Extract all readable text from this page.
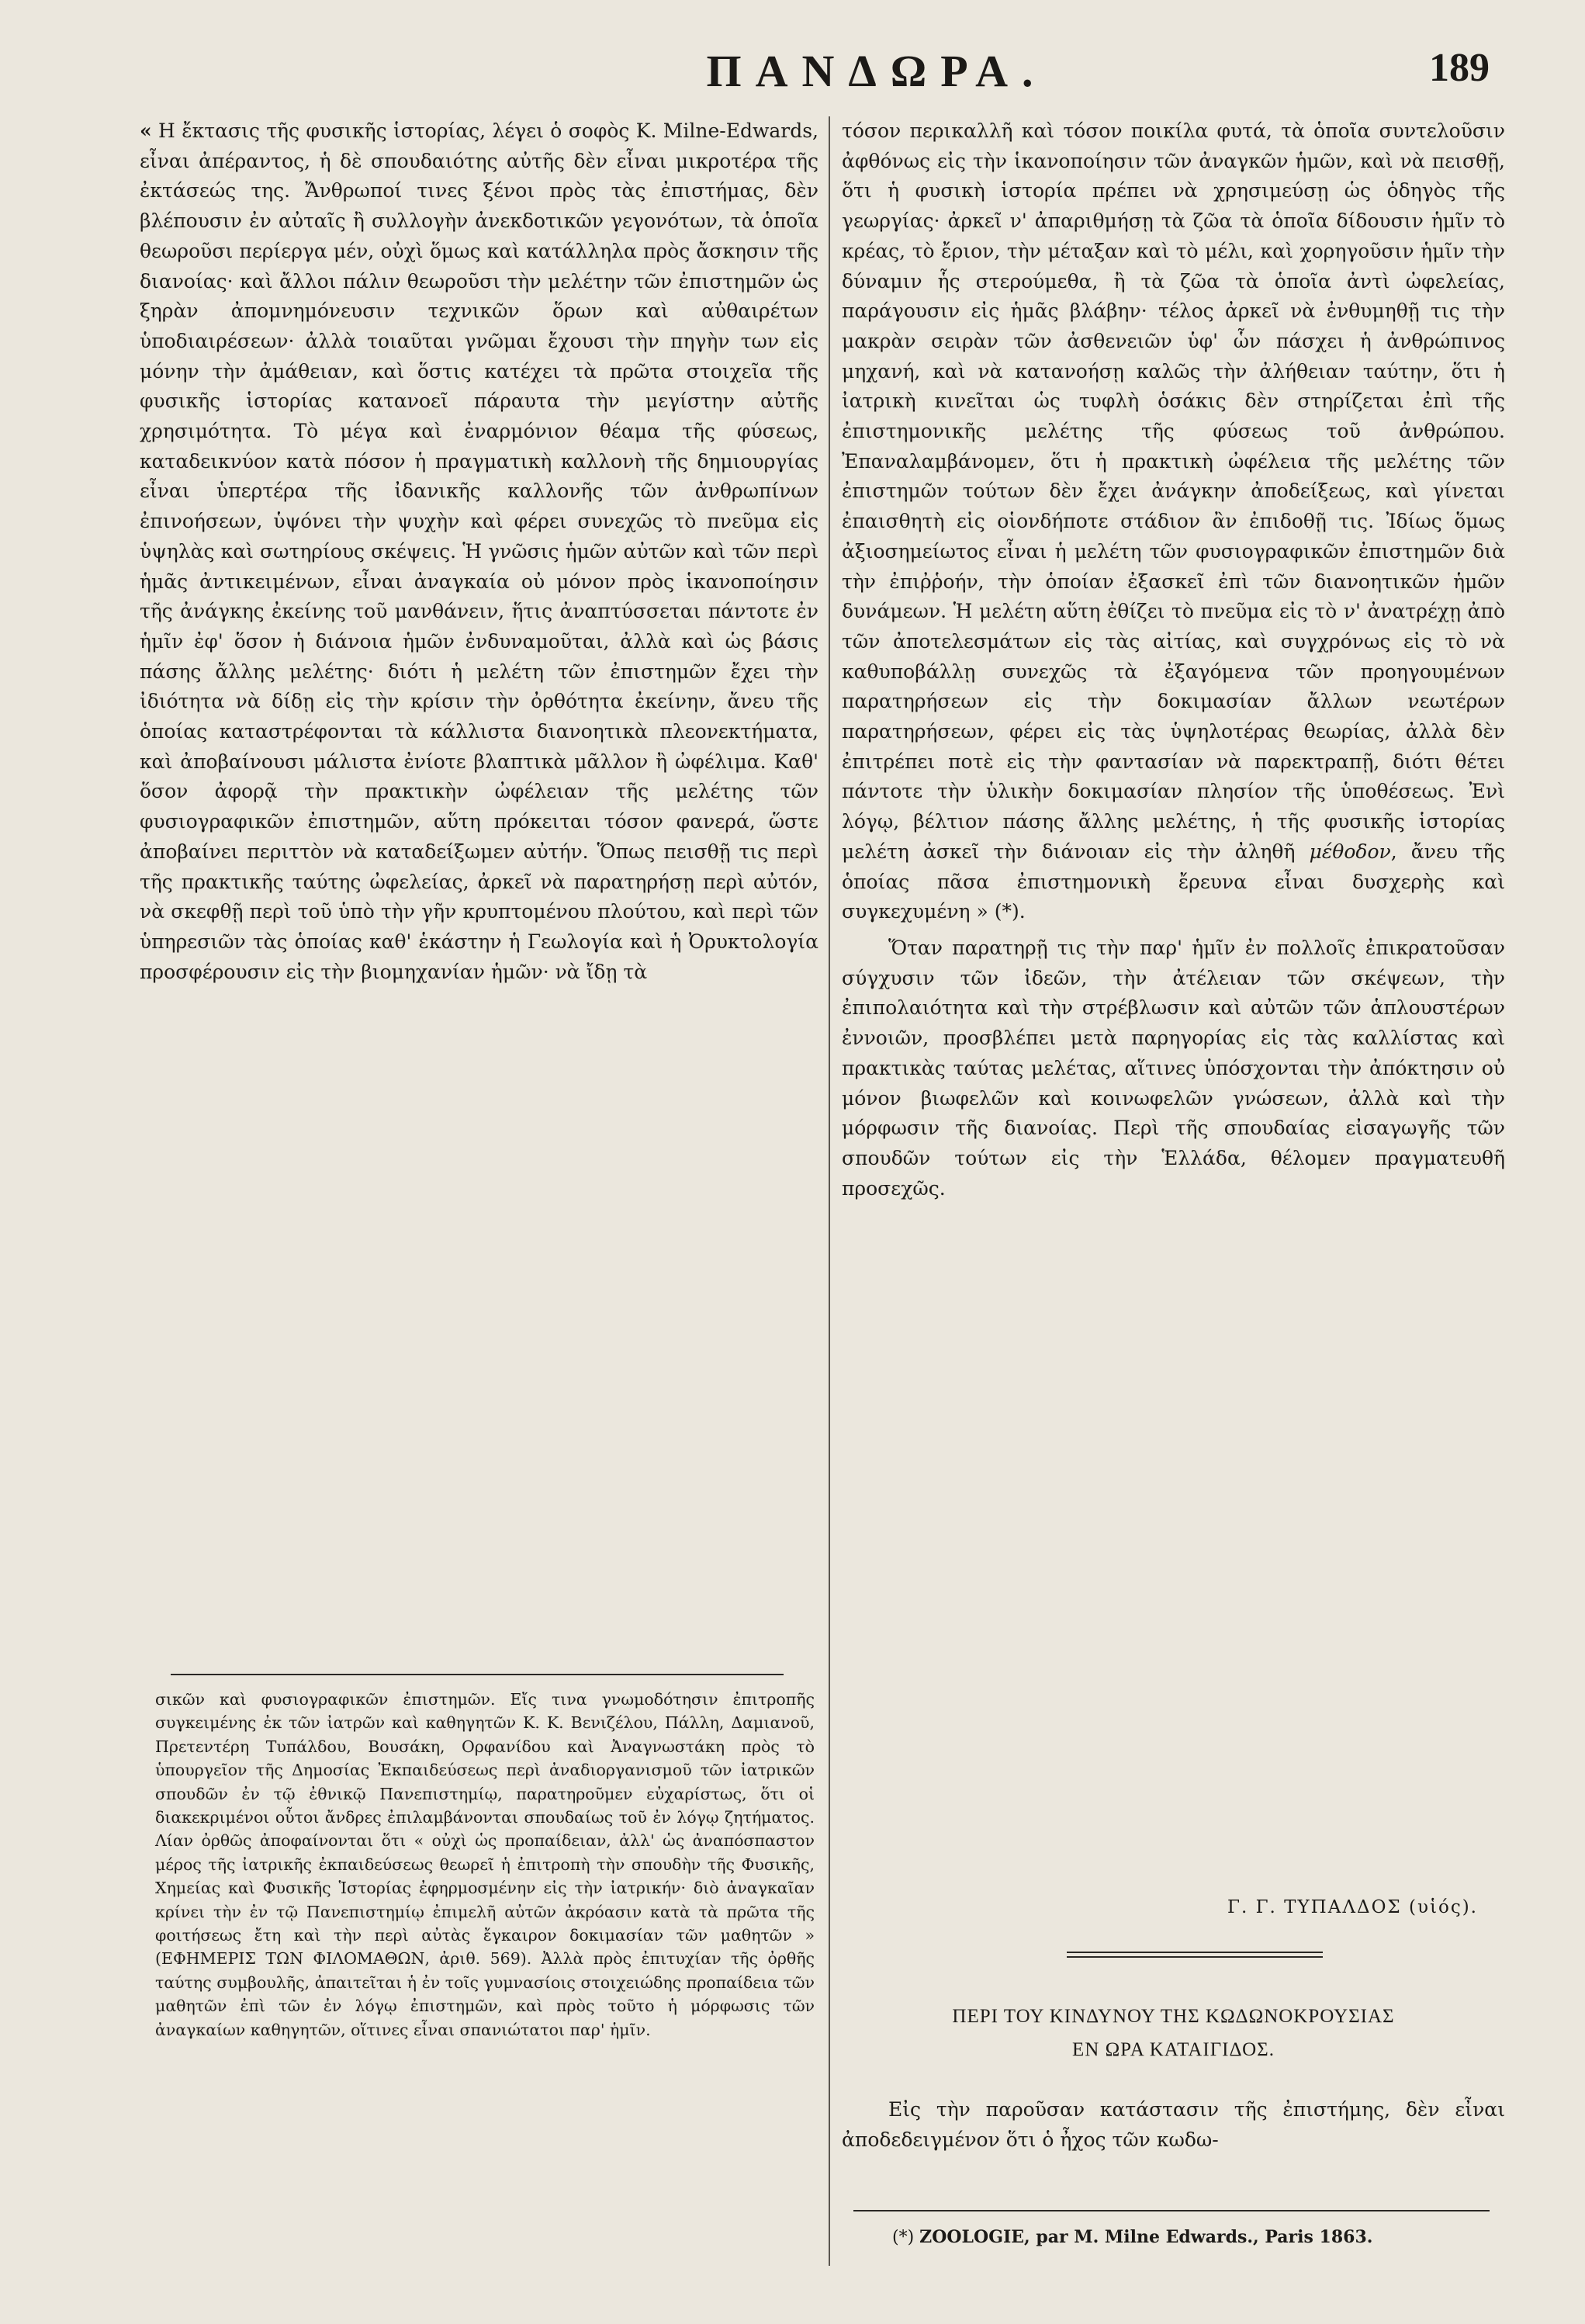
ΠΑΝΔΩΡΑ.	189

« Η ἔκτασις τῆς φυσικῆς ἱστορίας, λέγει ὁ σοφὸς Κ. Milne-Edwards, εἶναι ἀπέραντος, ἡ δὲ σπουδαιότης αὐτῆς δὲν εἶναι μικροτέρα τῆς ἐκτάσεώς της. Ἄνθρωποί τινες ξένοι πρὸς τὰς ἐπιστήμας, δὲν βλέπουσιν ἐν αὐταῖς ἢ συλλογὴν ἀνεκδοτικῶν γεγονότων, τὰ ὁποῖα θεωροῦσι περίεργα μέν, οὐχὶ ὅμως καὶ κατάλληλα πρὸς ἄσκησιν τῆς διανοίας· καὶ ἄλλοι πάλιν θεωροῦσι τὴν μελέτην τῶν ἐπιστημῶν ὡς ξηρὰν ἀπομνημόνευσιν τεχνικῶν ὅρων καὶ αὐθαιρέτων ὑποδιαιρέσεων· ἀλλὰ τοιαῦται γνῶμαι ἔχουσι τὴν πηγὴν των εἰς μόνην τὴν ἀμάθειαν, καὶ ὅστις κατέχει τὰ πρῶτα στοιχεῖα τῆς φυσικῆς ἱστορίας κατανοεῖ πάραυτα τὴν μεγίστην αὐτῆς χρησιμότητα. Τὸ μέγα καὶ ἐναρμόνιον θέαμα τῆς φύσεως, καταδεικνύον κατὰ πόσον ἡ πραγματικὴ καλλονὴ τῆς δημιουργίας εἶναι ὑπερτέρα τῆς ἰδανικῆς καλλονῆς τῶν ἀνθρωπίνων ἐπινοήσεων, ὑψόνει τὴν ψυχὴν καὶ φέρει συνεχῶς τὸ πνεῦμα εἰς ὑψηλὰς καὶ σωτηρίους σκέψεις. Ἡ γνῶσις ἡμῶν αὐτῶν καὶ τῶν περὶ ἡμᾶς ἀντικειμένων, εἶναι ἀναγκαία οὐ μόνον πρὸς ἱκανοποίησιν τῆς ἀνάγκης ἐκείνης τοῦ μανθάνειν, ἥτις ἀναπτύσσεται πάντοτε ἐν ἡμῖν ἐφ' ὅσον ἡ διάνοια ἡμῶν ἐνδυναμοῦται, ἀλλὰ καὶ ὡς βάσις πάσης ἄλλης μελέτης· διότι ἡ μελέτη τῶν ἐπιστημῶν ἔχει τὴν ἰδιότητα νὰ δίδῃ εἰς τὴν κρίσιν τὴν ὀρθότητα ἐκείνην, ἄνευ τῆς ὁποίας καταστρέφονται τὰ κάλλιστα διανοητικὰ πλεονεκτήματα, καὶ ἀποβαίνουσι μάλιστα ἐνίοτε βλαπτικὰ μᾶλλον ἢ ὠφέλιμα. Καθ' ὅσον ἀφορᾷ τὴν πρακτικὴν ὠφέλειαν τῆς μελέτης τῶν φυσιογραφικῶν ἐπιστημῶν, αὕτη πρόκειται τόσον φανερά, ὥστε ἀποβαίνει περιττὸν νὰ καταδείξωμεν αὐτήν. Ὅπως πεισθῇ τις περὶ τῆς πρακτικῆς ταύτης ὠφελείας, ἀρκεῖ νὰ παρατηρήσῃ περὶ αὐτόν, νὰ σκεφθῇ περὶ τοῦ ὑπὸ τὴν γῆν κρυπτομένου πλούτου, καὶ περὶ τῶν ὑπηρεσιῶν τὰς ὁποίας καθ' ἑκάστην ἡ Γεωλογία καὶ ἡ Ὀρυκτολογία προσφέρουσιν εἰς τὴν βιομηχανίαν ἡμῶν· νὰ ἴδῃ τὰ

τόσον περικαλλῆ καὶ τόσον ποικίλα φυτά, τὰ ὁποῖα συντελοῦσιν ἀφθόνως εἰς τὴν ἱκανοποίησιν τῶν ἀναγκῶν ἡμῶν, καὶ νὰ πεισθῇ, ὅτι ἡ φυσικὴ ἱστορία πρέπει νὰ χρησιμεύσῃ ὡς ὁδηγὸς τῆς γεωργίας· ἀρκεῖ ν' ἀπαριθμήσῃ τὰ ζῶα τὰ ὁποῖα δίδουσιν ἡμῖν τὸ κρέας, τὸ ἔριον, τὴν μέταξαν καὶ τὸ μέλι, καὶ χορηγοῦσιν ἡμῖν τὴν δύναμιν ἧς στερούμεθα, ἢ τὰ ζῶα τὰ ὁποῖα ἀντὶ ὠφελείας, παράγουσιν εἰς ἡμᾶς βλάβην· τέλος ἀρκεῖ νὰ ἐνθυμηθῇ τις τὴν μακρὰν σειρὰν τῶν ἀσθενειῶν ὑφ' ὧν πάσχει ἡ ἀνθρώπινος μηχανή, καὶ νὰ κατανοήσῃ καλῶς τὴν ἀλήθειαν ταύτην, ὅτι ἡ ἰατρικὴ κινεῖται ὡς τυφλὴ ὁσάκις δὲν στηρίζεται ἐπὶ τῆς ἐπιστημονικῆς μελέτης τῆς φύσεως τοῦ ἀνθρώπου. Ἐπαναλαμβάνομεν, ὅτι ἡ πρακτικὴ ὠφέλεια τῆς μελέτης τῶν ἐπιστημῶν τούτων δὲν ἔχει ἀνάγκην ἀποδείξεως, καὶ γίνεται ἐπαισθητὴ εἰς οἱονδήποτε στάδιον ἂν ἐπιδοθῇ τις. Ἰδίως ὅμως ἀξιοσημείωτος εἶναι ἡ μελέτη τῶν φυσιογραφικῶν ἐπιστημῶν διὰ τὴν ἐπιῤῥοήν, τὴν ὁποίαν ἐξασκεῖ ἐπὶ τῶν διανοητικῶν ἡμῶν δυνάμεων. Ἡ μελέτη αὕτη ἐθίζει τὸ πνεῦμα εἰς τὸ ν' ἀνατρέχῃ ἀπὸ τῶν ἀποτελεσμάτων εἰς τὰς αἰτίας, καὶ συγχρόνως εἰς τὸ νὰ καθυποβάλλῃ συνεχῶς τὰ ἐξαγόμενα τῶν προηγουμένων παρατηρήσεων εἰς τὴν δοκιμασίαν ἄλλων νεωτέρων παρατηρήσεων, φέρει εἰς τὰς ὑψηλοτέρας θεωρίας, ἀλλὰ δὲν ἐπιτρέπει ποτὲ εἰς τὴν φαντασίαν νὰ παρεκτραπῇ, διότι θέτει πάντοτε τὴν ὑλικὴν δοκιμασίαν πλησίον τῆς ὑποθέσεως. Ἐνὶ λόγῳ, βέλτιον πάσης ἄλλης μελέτης, ἡ τῆς φυσικῆς ἱστορίας μελέτη ἀσκεῖ τὴν διάνοιαν εἰς τὴν ἀληθῆ μέθοδον, ἄνευ τῆς ὁποίας πᾶσα ἐπιστημονικὴ ἔρευνα εἶναι δυσχερὴς καὶ συγκεχυμένη » (*).

Ὅταν παρατηρῇ τις τὴν παρ' ἡμῖν ἐν πολλοῖς ἐπικρατοῦσαν σύγχυσιν τῶν ἰδεῶν, τὴν ἀτέλειαν τῶν σκέψεων, τὴν ἐπιπολαιότητα καὶ τὴν στρέβλωσιν καὶ αὐτῶν τῶν ἁπλουστέρων ἐννοιῶν, προσβλέπει μετὰ παρηγορίας εἰς τὰς καλλίστας καὶ πρακτικὰς ταύτας μελέτας, αἵτινες ὑπόσχονται τὴν ἀπόκτησιν οὐ μόνον βιωφελῶν καὶ κοινωφελῶν γνώσεων, ἀλλὰ καὶ τὴν μόρφωσιν τῆς διανοίας. Περὶ τῆς σπουδαίας εἰσαγωγῆς τῶν σπουδῶν τούτων εἰς τὴν Ἑλλάδα, θέλομεν πραγματευθῆ προσεχῶς.

σικῶν καὶ φυσιογραφικῶν ἐπιστημῶν. Εἴς τινα γνωμοδότησιν ἐπιτροπῆς συγκειμένης ἐκ τῶν ἰατρῶν καὶ καθηγητῶν Κ. Κ. Βενιζέλου, Πάλλη, Δαμιανοῦ, Πρετεντέρη Τυπάλδου, Βουσάκη, Ορφανίδου καὶ Ἀναγνωστάκη πρὸς τὸ ὑπουργεῖον τῆς Δημοσίας Ἐκπαιδεύσεως περὶ ἀναδιοργανισμοῦ τῶν ἰατρικῶν σπουδῶν ἐν τῷ ἐθνικῷ Πανεπιστημίῳ, παρατηροῦμεν εὐχαρίστως, ὅτι οἱ διακεκριμένοι οὗτοι ἄνδρες ἐπιλαμβάνονται σπουδαίως τοῦ ἐν λόγῳ ζητήματος. Λίαν ὀρθῶς ἀποφαίνονται ὅτι « οὐχὶ ὡς προπαίδειαν, ἀλλ' ὡς ἀναπόσπαστον μέρος τῆς ἰατρικῆς ἐκπαιδεύσεως θεωρεῖ ἡ ἐπιτροπὴ τὴν σπουδὴν τῆς Φυσικῆς, Χημείας καὶ Φυσικῆς Ἱστορίας ἐφηρμοσμένην εἰς τὴν ἰατρικήν· διὸ ἀναγκαῖαν κρίνει τὴν ἐν τῷ Πανεπιστημίῳ ἐπιμελῆ αὐτῶν ἀκρόασιν κατὰ τὰ πρῶτα τῆς φοιτήσεως ἔτη καὶ τὴν περὶ αὐτὰς ἔγκαιρον δοκιμασίαν τῶν μαθητῶν » (ΕΦΗΜΕΡΙΣ ΤΩΝ ΦΙΛΟΜΑΘΩΝ, ἀριθ. 569). Ἀλλὰ πρὸς ἐπιτυχίαν τῆς ὀρθῆς ταύτης συμβουλῆς, ἀπαιτεῖται ἡ ἐν τοῖς γυμνασίοις στοιχειώδης προπαίδεια τῶν μαθητῶν ἐπὶ τῶν ἐν λόγῳ ἐπιστημῶν, καὶ πρὸς τοῦτο ἡ μόρφωσις τῶν ἀναγκαίων καθηγητῶν, οἵτινες εἶναι σπανιώτατοι παρ' ἡμῖν.

Γ. Γ. ΤΥΠΑΛΔΟΣ (υἱός).
ΠΕΡΙ ΤΟΥ ΚΙΝΔΥΝΟΥ ΤΗΣ ΚΩΔΩΝΟΚΡΟΥΣΙΑΣ
ΕΝ ΩΡΑ ΚΑΤΑΙΓΙΔΟΣ.

Εἰς τὴν παροῦσαν κατάστασιν τῆς ἐπιστήμης, δὲν εἶναι ἀποδεδειγμένον ὅτι ὁ ἦχος τῶν κωδω-

(*) ZOOLOGIE, par M. Milne Edwards., Paris 1863.
